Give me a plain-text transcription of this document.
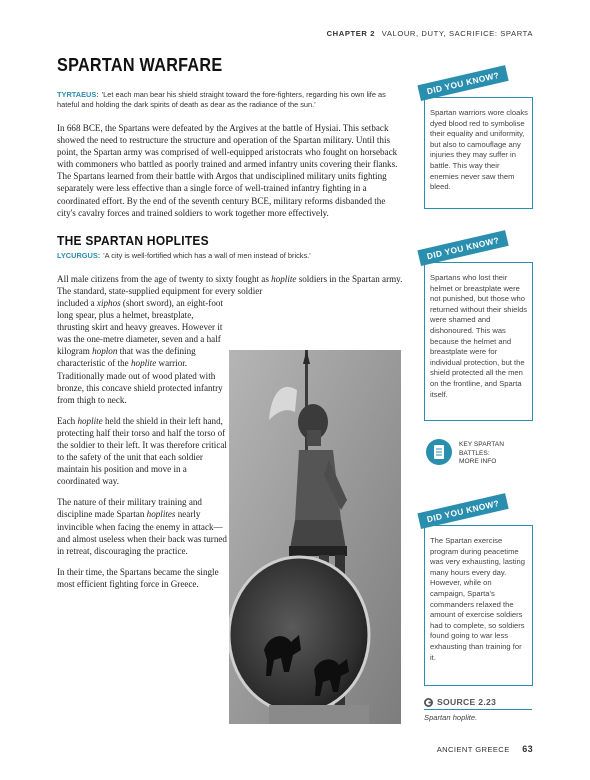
CHAPTER 2 VALOUR, DUTY, SACRIFICE: SPARTA
SPARTAN WARFARE
TYRTAEUS: 'Let each man bear his shield straight toward the fore-fighters, regarding his own life as hateful and holding the dark spirits of death as dear as the radiance of the sun.'

In 668 BCE, the Spartans were defeated by the Argives at the battle of Hysiai. This setback showed the need to restructure the structure and operation of the Spartan military. Until this point, the Spartan army was comprised of well-equipped aristocrats who fought on horseback with commoners who battled as poorly trained and armed infantry units covering their flanks. The Spartans learned from their battle with Argos that undisciplined military units fighting separately were less effective than a single force of well-trained infantry fighting in a coordinated effort. By the end of the seventh century BCE, military reforms disbanded the city's cavalry forces and trained soldiers to work together more effectively.

THE SPARTAN HOPLITES
LYCURGUS: 'A city is well-fortified which has a wall of men instead of bricks.'

All male citizens from the age of twenty to sixty fought as hoplite soldiers in the Spartan army. The standard, state-supplied equipment for every soldier

included a xiphos (short sword), an eight-foot long spear, plus a helmet, breastplate, thrusting skirt and heavy greaves. However it was the one-metre diameter, seven and a half kilogram hoplon that was the defining characteristic of the hoplite warrior. Traditionally made out of wood plated with bronze, this concave shield protected infantry from thigh to neck.

Each hoplite held the shield in their left hand, protecting half their torso and half the torso of the soldier to their left. It was therefore critical to the safety of the unit that each soldier maintain his position and move in a coordinated way.

The nature of their military training and discipline made Spartan hoplites nearly invincible when facing the enemy in attack—and almost useless when their back was turned in retreat, discouraging the practice.

In their time, the Spartans became the single most efficient fighting force in Greece.

DID YOU KNOW?
Spartan warriors wore cloaks dyed blood red to symbolise their equality and uniformity, but also to camouflage any injuries they may suffer in battle. This way their enemies never saw them bleed.
DID YOU KNOW?
Spartans who lost their helmet or breastplate were not punished, but those who returned without their shields were shamed and dishonoured. This was because the helmet and breastplate were for individual protection, but the shield protected all the men on the frontline, and Sparta itself.
KEY SPARTAN
BATTLES:
MORE INFO
DID YOU KNOW?
The Spartan exercise program during peacetime was very exhausting, lasting many hours every day. However, while on campaign, Sparta's commanders relaxed the amount of exercise soldiers had to complete, so soldiers found going to war less exhausting than training for it.
SOURCE 2.23
Spartan hoplite.
ANCIENT GREECE 63
